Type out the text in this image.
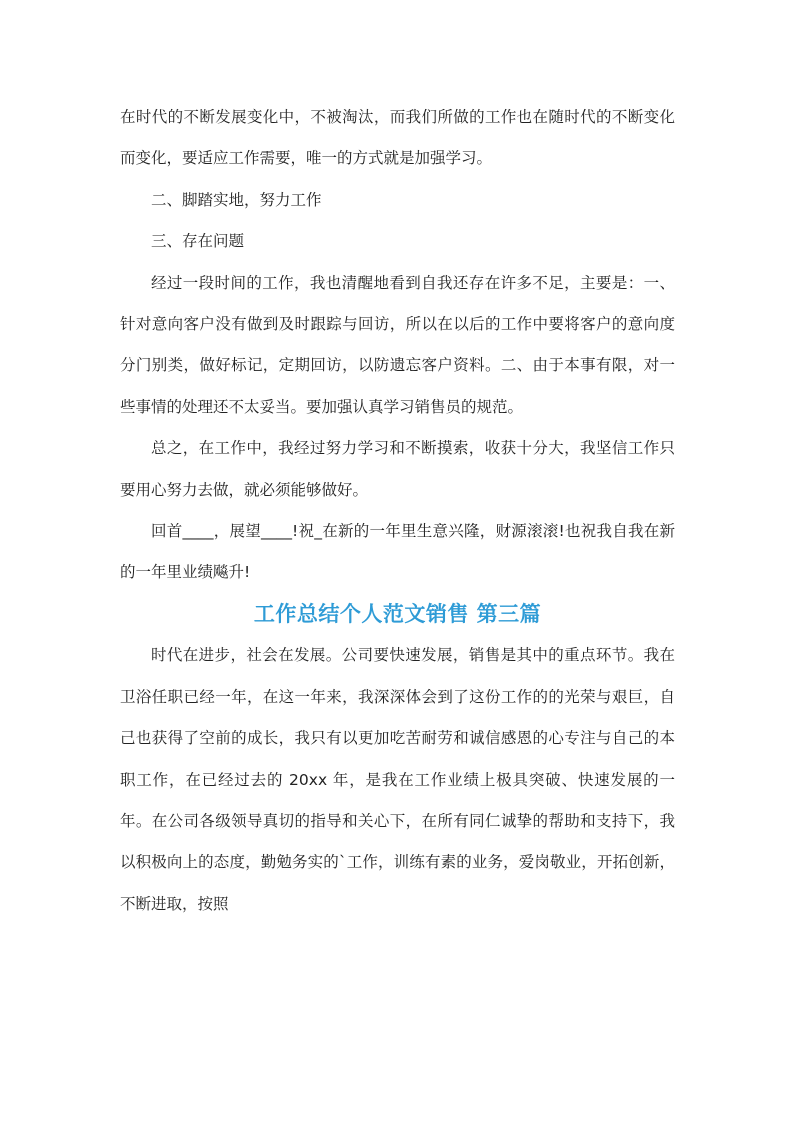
在时代的不断发展变化中，不被淘汰，而我们所做的工作也在随时代的不断变化而变化，要适应工作需要，唯一的方式就是加强学习。

二、脚踏实地，努力工作

三、存在问题

经过一段时间的工作，我也清醒地看到自我还存在许多不足，主要是：一、针对意向客户没有做到及时跟踪与回访，所以在以后的工作中要将客户的意向度分门别类，做好标记，定期回访，以防遗忘客户资料。二、由于本事有限，对一些事情的处理还不太妥当。要加强认真学习销售员的规范。

总之，在工作中，我经过努力学习和不断摸索，收获十分大，我坚信工作只要用心努力去做，就必须能够做好。

回首____，展望____!祝_在新的一年里生意兴隆，财源滚滚!也祝我自我在新的一年里业绩飚升!

工作总结个人范文销售 第三篇

时代在进步，社会在发展。公司要快速发展，销售是其中的重点环节。我在卫浴任职已经一年，在这一年来，我深深体会到了这份工作的的光荣与艰巨，自己也获得了空前的成长，我只有以更加吃苦耐劳和诚信感恩的心专注与自己的本职工作，在已经过去的 20xx 年，是我在工作业绩上极具突破、快速发展的一年。在公司各级领导真切的指导和关心下，在所有同仁诚挚的帮助和支持下，我以积极向上的态度，勤勉务实的`工作，训练有素的业务，爱岗敬业，开拓创新，不断进取，按照
